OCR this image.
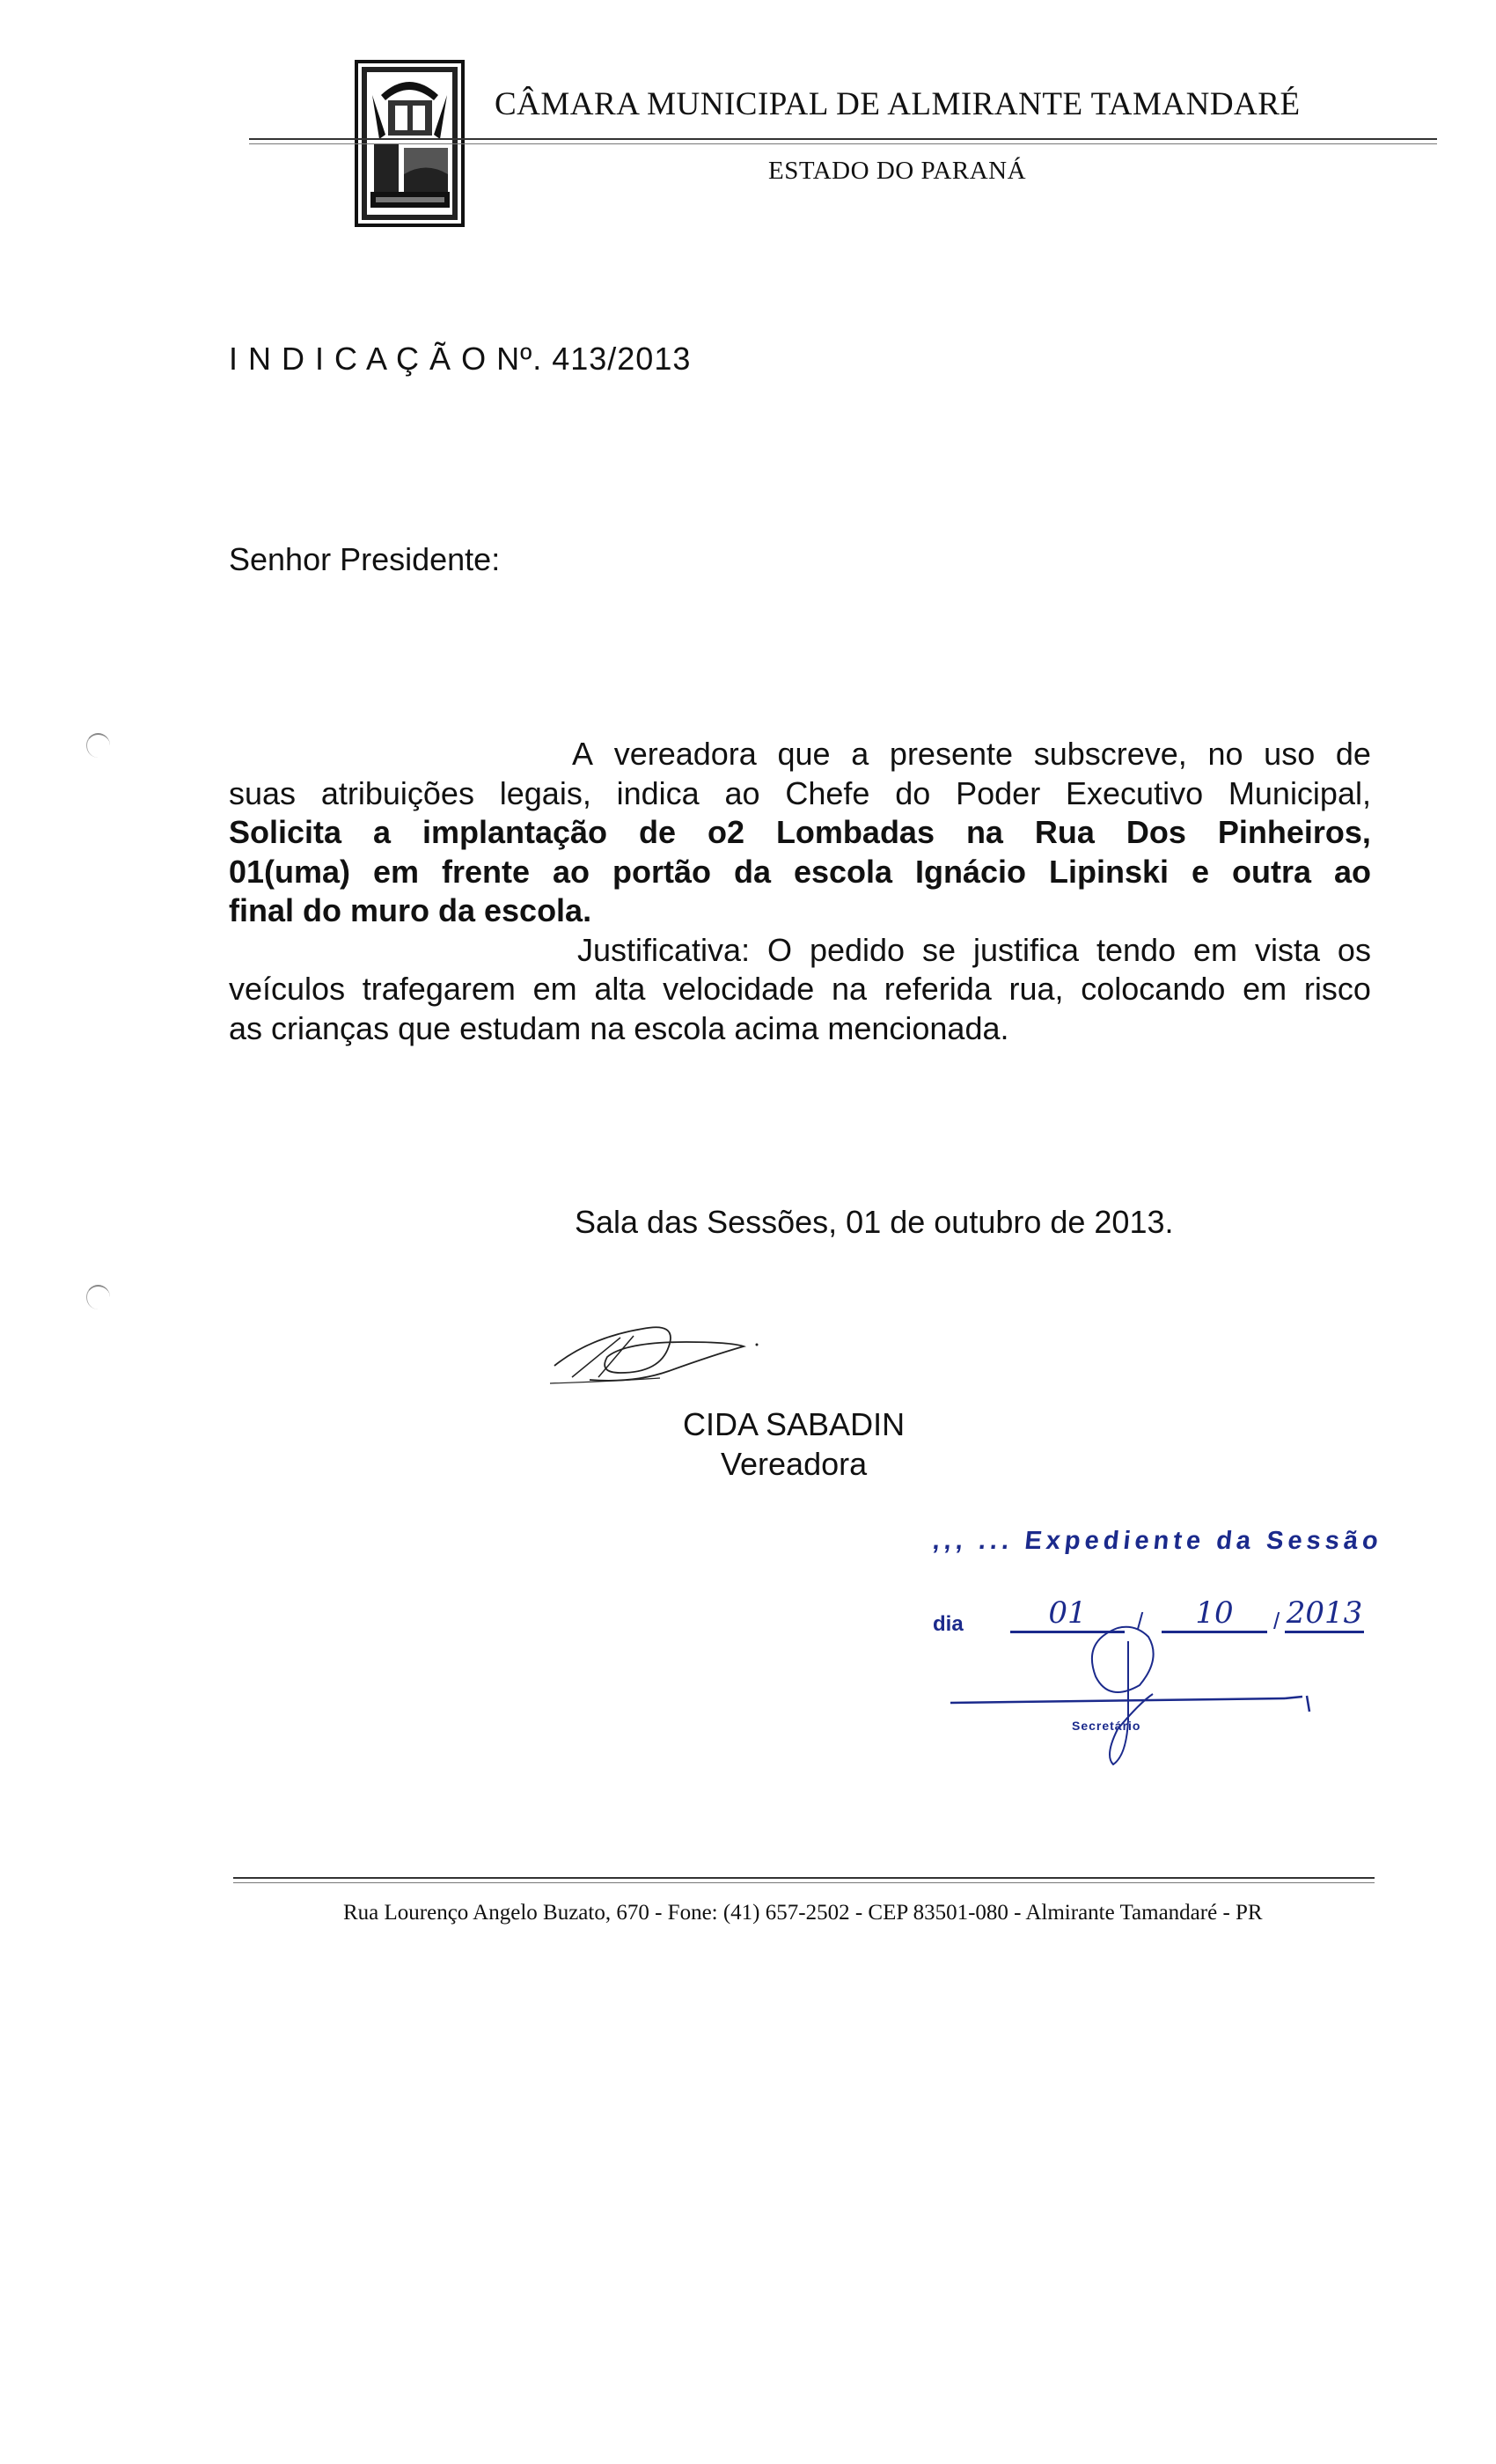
CÂMARA MUNICIPAL DE ALMIRANTE TAMANDARÉ
ESTADO DO PARANÁ
I N D I C A Ç Ã O Nº. 413/2013
Senhor Presidente:
A vereadora que a presente subscreve, no uso de
suas atribuições legais, indica ao Chefe do Poder Executivo Municipal,
Solicita a implantação de o2 Lombadas na Rua Dos Pinheiros,
01(uma) em frente ao portão da escola Ignácio Lipinski e outra ao
final do muro da escola.
Justificativa: O pedido se justifica tendo em vista os
veículos trafegarem em alta velocidade na referida rua, colocando em risco
as crianças que estudam na escola acima mencionada.
Sala das Sessões, 01 de outubro de 2013.
CIDA SABADIN
Vereadora
,,, ... Expediente da Sessão
dia	01	/	10	/ 2013
Secretário
Rua Lourenço Angelo Buzato, 670 - Fone: (41) 657-2502 - CEP 83501-080 - Almirante Tamandaré - PR
